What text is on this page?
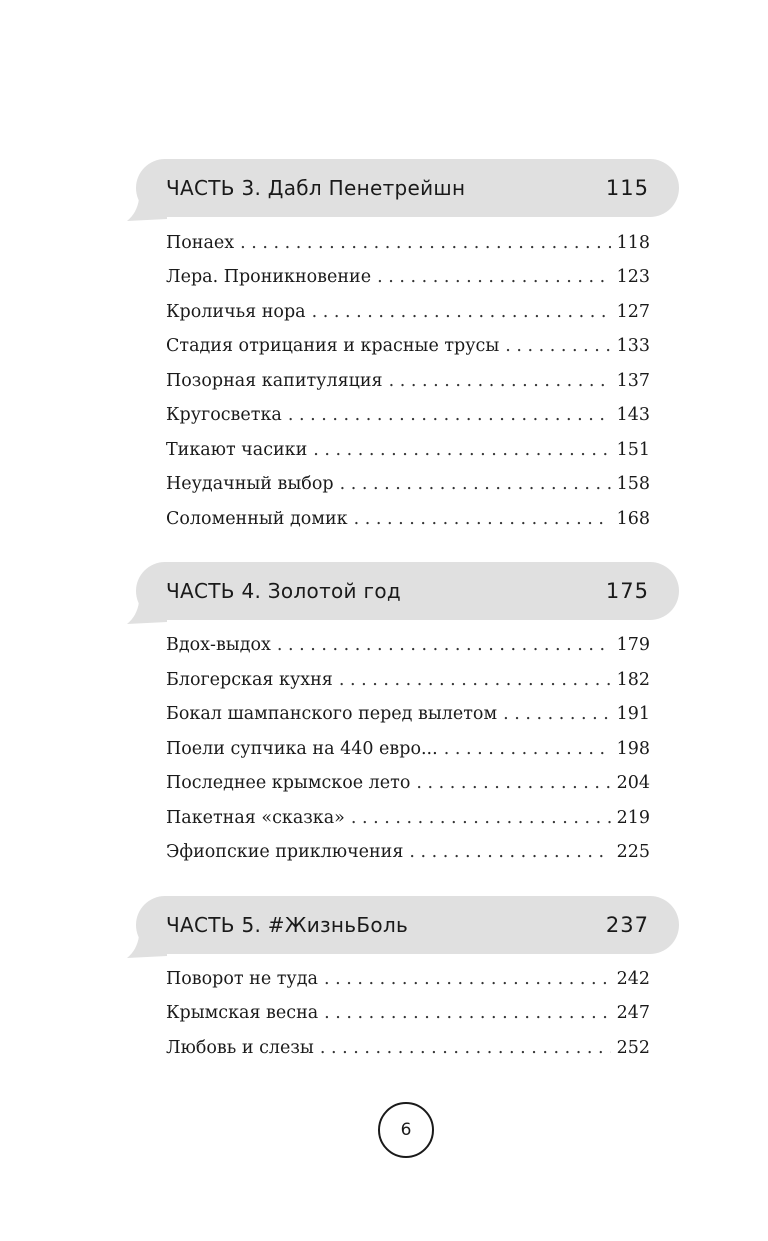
ЧАСТЬ 3. Дабл Пенетрейшн	115
Понаех . . .	118
Лера. Проникновение . . .	123
Кроличья нора . . .	127
Стадия отрицания и красные трусы . . .	133
Позорная капитуляция . . .	137
Кругосветка . . .	143
Тикают часики . . .	151
Неудачный выбор . . .	158
Соломенный домик . . .	168
ЧАСТЬ 4. Золотой год	175
Вдох-выдох . . .	179
Блогерская кухня . . .	182
Бокал шампанского перед вылетом . . .	191
Поели супчика на 440 евро... . . .	198
Последнее крымское лето . . .	204
Пакетная «сказка» . . .	219
Эфиопские приключения . . .	225
ЧАСТЬ 5. #ЖизньБоль	237
Поворот не туда . . .	242
Крымская весна . . .	247
Любовь и слезы . . .	252
6
